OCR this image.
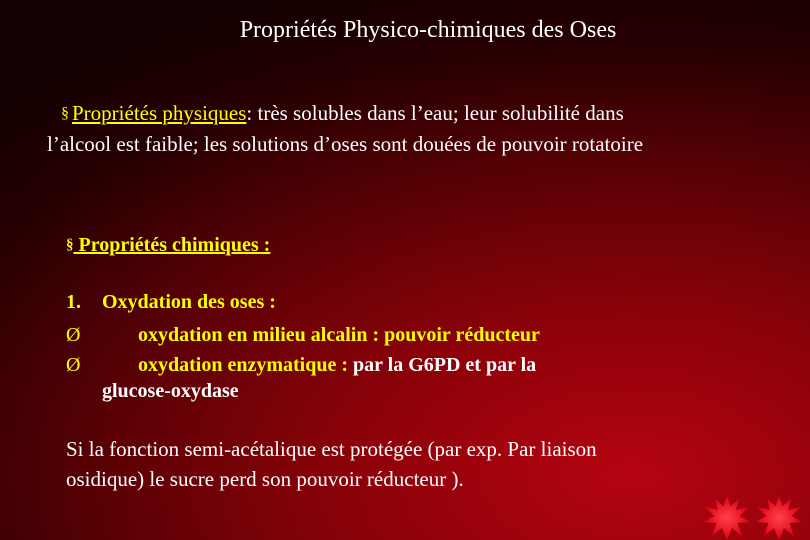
Propriétés Physico-chimiques des Oses
§ Propriétés physiques: très solubles dans l’eau; leur solubilité dans
l’alcool est faible; les solutions d’oses sont douées de pouvoir rotatoire
§ Propriétés chimiques :
1. Oxydation des oses :
Ø	oxydation en milieu alcalin : pouvoir réducteur
Ø	oxydation enzymatique : par la G6PD et par la
glucose-oxydase
Si la fonction semi-acétalique est protégée (par exp. Par liaison
osidique) le sucre perd son pouvoir réducteur ).
